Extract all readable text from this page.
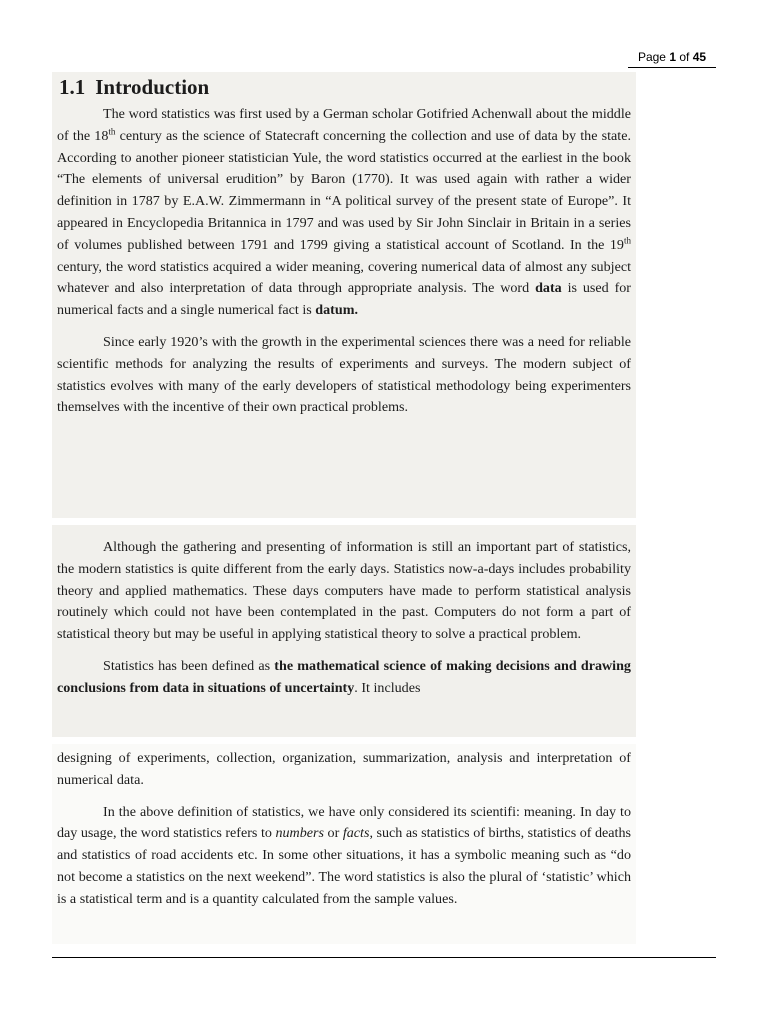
Page 1 of 45
1.1 Introduction

The word statistics was first used by a German scholar Gotifried Achenwall about the middle of the 18th century as the science of Statecraft concerning the collection and use of data by the state. According to another pioneer statistician Yule, the word statistics occurred at the earliest in the book “The elements of universal erudition” by Baron (1770). It was used again with rather a wider definition in 1787 by E.A.W. Zimmermann in “A political survey of the present state of Europe”. It appeared in Encyclopedia Britannica in 1797 and was used by Sir John Sinclair in Britain in a series of volumes published between 1791 and 1799 giving a statistical account of Scotland. In the 19th century, the word statistics acquired a wider meaning, covering numerical data of almost any subject whatever and also interpretation of data through appropriate analysis. The word data is used for numerical facts and a single numerical fact is datum.

Since early 1920’s with the growth in the experimental sciences there was a need for reliable scientific methods for analyzing the results of experiments and surveys. The modern subject of statistics evolves with many of the early developers of statistical methodology being experimenters themselves with the incentive of their own practical problems.

Although the gathering and presenting of information is still an important part of statistics, the modern statistics is quite different from the early days. Statistics now-a-days includes probability theory and applied mathematics. These days computers have made to perform statistical analysis routinely which could not have been contemplated in the past. Computers do not form a part of statistical theory but may be useful in applying statistical theory to solve a practical problem.

Statistics has been defined as the mathematical science of making decisions and drawing conclusions from data in situations of uncertainty. It includes

designing of experiments, collection, organization, summarization, analysis and interpretation of numerical data.

In the above definition of statistics, we have only considered its scientifi: meaning. In day to day usage, the word statistics refers to numbers or facts, such as statistics of births, statistics of deaths and statistics of road accidents etc. In some other situations, it has a symbolic meaning such as “do not become a statistics on the next weekend”. The word statistics is also the plural of ‘statistic’ which is a statistical term and is a quantity calculated from the sample values.
